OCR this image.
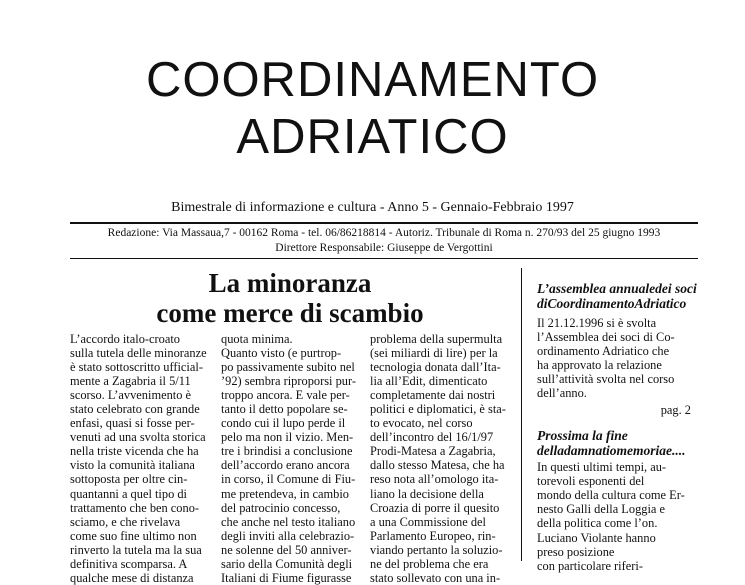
COORDINAMENTO
ADRIATICO
Bimestrale di informazione e cultura - Anno 5 - Gennaio-Febbraio 1997
Redazione: Via Massaua,7 - 00162 Roma - tel. 06/86218814 - Autoriz. Tribunale di Roma n. 270/93 del 25 giugno 1993
Direttore Responsabile: Giuseppe de Vergottini
La minoranza
come merce di scambio
L’accordo italo-croato
sulla tutela delle minoranze
è stato sottoscritto ufficial-
mente a Zagabria il 5/11
scorso. L’avvenimento è
stato celebrato con grande
enfasi, quasi si fosse per-
venuti ad una svolta storica
nella triste vicenda che ha
visto la comunità italiana
sottoposta per oltre cin-
quantanni a quel tipo di
trattamento che ben cono-
sciamo, e che rivelava
come suo fine ultimo non
rinverto la tutela ma la sua
definitiva scomparsa. A
qualche mese di distanza
quota minima.
Quanto visto (e purtrop-
po passivamente subito nel
’92) sembra riproporsi pur-
troppo ancora. E vale per-
tanto il detto popolare se-
condo cui il lupo perde il
pelo ma non il vizio. Men-
tre i brindisi a conclusione
dell’accordo erano ancora
in corso, il Comune di Fiu-
me pretendeva, in cambio
del patrocinio concesso,
che anche nel testo italiano
degli inviti alla celebrazio-
ne solenne del 50 anniver-
sario della Comunità degli
Italiani di Fiume figurasse
problema della supermulta
(sei miliardi di lire) per la
tecnologia donata dall’Ita-
lia all’Edit, dimenticato
completamente dai nostri
politici e diplomatici, è sta-
to evocato, nel corso
dell’incontro del 16/1/97
Prodi-Matesa a Zagabria,
dallo stesso Matesa, che ha
reso nota all’omologo ita-
liano la decisione della
Croazia di porre il quesito
a una Commissione del
Parlamento Europeo, rin-
viando pertanto la soluzio-
ne del problema che era
stato sollevato con una in-
L’assemblea annualedei soci diCoordinamentoAdriatico
Il 21.12.1996 si è svolta
l’Assemblea dei soci di Co-
ordinamento Adriatico che
ha approvato la relazione
sull’attività svolta nel corso
dell’anno.
pag. 2
Prossima la fine delladamnatiomemoriae....
In questi ultimi tempi, au-
torevoli esponenti del
mondo della cultura come Er-
nesto Galli della Loggia e
della politica come l’on.
Luciano Violante hanno
preso posizione
con particolare riferi-
